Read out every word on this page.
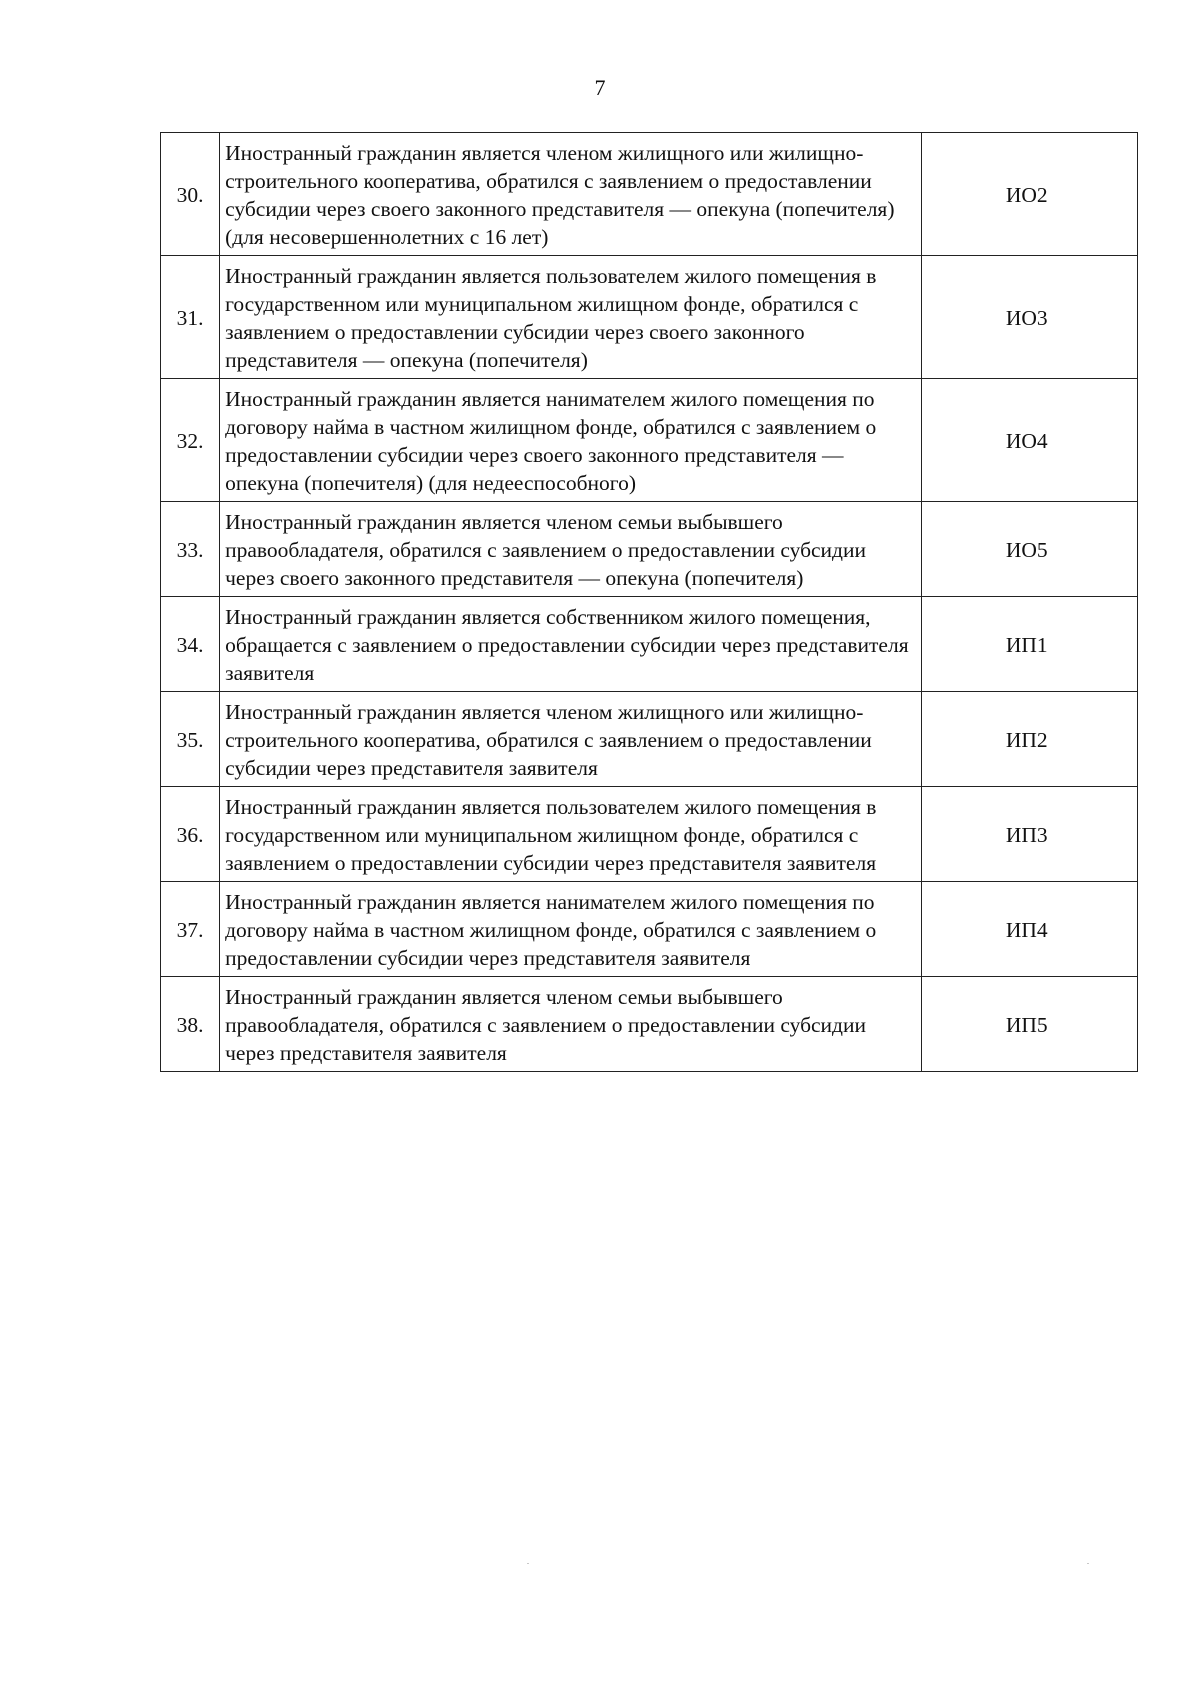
7
30.	Иностранный гражданин является членом жилищного или жилищно-строительного кооператива, обратился с заявлением о предоставлении субсидии через своего законного представителя — опекуна (попечителя) (для несовершеннолетних с 16 лет)	ИО2
31.	Иностранный гражданин является пользователем жилого помещения в государственном или муниципальном жилищном фонде, обратился с заявлением о предоставлении субсидии через своего законного представителя — опекуна (попечителя)	ИО3
32.	Иностранный гражданин является нанимателем жилого помещения по договору найма в частном жилищном фонде, обратился с заявлением о предоставлении субсидии через своего законного представителя — опекуна (попечителя) (для недееспособного)	ИО4
33.	Иностранный гражданин является членом семьи выбывшего правообладателя, обратился с заявлением о предоставлении субсидии через своего законного представителя — опекуна (попечителя)	ИО5
34.	Иностранный гражданин является собственником жилого помещения, обращается с заявлением о предоставлении субсидии через представителя заявителя	ИП1
35.	Иностранный гражданин является членом жилищного или жилищно-строительного кооператива, обратился с заявлением о предоставлении субсидии через представителя заявителя	ИП2
36.	Иностранный гражданин является пользователем жилого помещения в государственном или муниципальном жилищном фонде, обратился с заявлением о предоставлении субсидии через представителя заявителя	ИП3
37.	Иностранный гражданин является нанимателем жилого помещения по договору найма в частном жилищном фонде, обратился с заявлением о предоставлении субсидии через представителя заявителя	ИП4
38.	Иностранный гражданин является членом семьи выбывшего правообладателя, обратился с заявлением о предоставлении субсидии через представителя заявителя	ИП5
